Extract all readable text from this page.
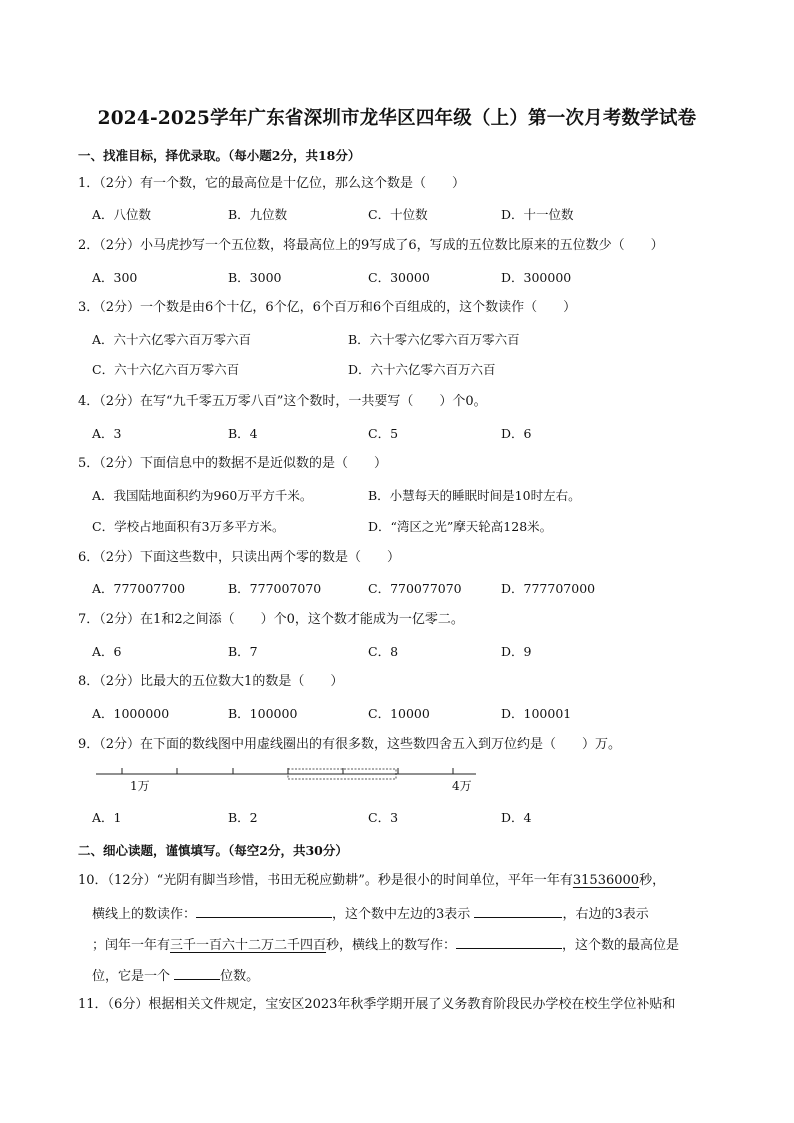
2024-2025学年广东省深圳市龙华区四年级（上）第一次月考数学试卷
一、找准目标，择优录取。（每小题2分，共18分）
1．（2分）有一个数，它的最高位是十亿位，那么这个数是（　　）
A．八位数	B．九位数	C．十位数	D．十一位数
2．（2分）小马虎抄写一个五位数，将最高位上的9写成了6，写成的五位数比原来的五位数少（　　）
A．300	B．3000	C．30000	D．300000
3．（2分）一个数是由6个十亿，6个亿，6个百万和6个百组成的，这个数读作（　　）
A．六十六亿零六百万零六百	B．六十零六亿零六百万零六百
C．六十六亿六百万零六百	D．六十六亿零六百万六百
4．（2分）在写“九千零五万零八百”这个数时，一共要写（　　）个0。
A．3	B．4	C．5	D．6
5．（2分）下面信息中的数据不是近似数的是（　　）
A．我国陆地面积约为960万平方千米。	B．小慧每天的睡眠时间是10时左右。
C．学校占地面积有3万多平方米。	D．“湾区之光”摩天轮高128米。
6．（2分）下面这些数中，只读出两个零的数是（　　）
A．777007700	B．777007070	C．770077070	D．777707000
7．（2分）在1和2之间添（　　）个0，这个数才能成为一亿零二。
A．6	B．7	C．8	D．9
8．（2分）比最大的五位数大1的数是（　　）
A．1000000	B．100000	C．10000	D．100001
9．（2分）在下面的数线图中用虚线圈出的有很多数，这些数四舍五入到万位约是（　　）万。
1万	4万
A．1	B．2	C．3	D．4
二、细心读题，谨慎填写。（每空2分，共30分）
10．（12分）“光阴有脚当珍惜，书田无税应勤耕”。秒是很小的时间单位，平年一年有31536000秒，
横线上的数读作：	，这个数中左边的3表示	，右边的3表示
；闰年一年有三千一百六十二万二千四百秒，横线上的数写作：	，这个数的最高位是
位，它是一个	位数。
11．（6分）根据相关文件规定，宝安区2023年秋季学期开展了义务教育阶段民办学校在校生学位补贴和
